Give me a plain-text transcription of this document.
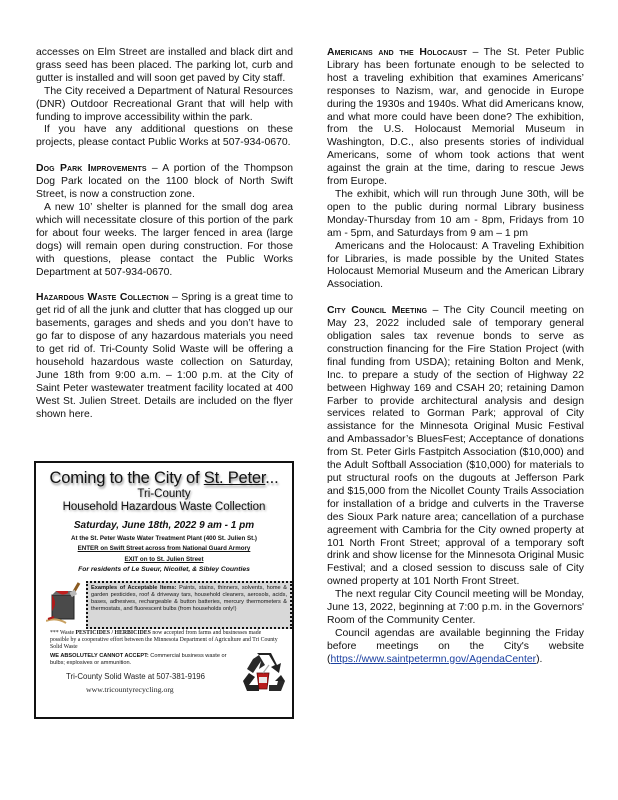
accesses on Elm Street are installed and black dirt and grass seed has been placed. The parking lot, curb and gutter is installed and will soon get paved by City staff.

The City received a Department of Natural Resources (DNR) Outdoor Recreational Grant that will help with funding to improve accessibility within the park.

If you have any additional questions on these projects, please contact Public Works at 507-934-0670.

Dog Park Improvements – A portion of the Thompson Dog Park located on the 1100 block of North Swift Street, is now a construction zone.

A new 10’ shelter is planned for the small dog area which will necessitate closure of this portion of the park for about four weeks. The larger fenced in area (large dogs) will remain open during construction. For those with questions, please contact the Public Works Department at 507-934-0670.

Hazardous Waste Collection – Spring is a great time to get rid of all the junk and clutter that has clogged up our basements, garages and sheds and you don’t have to go far to dispose of any hazardous materials you need to get rid of. Tri-County Solid Waste will be offering a household hazardous waste collection on Saturday, June 18th from 9:00 a.m. – 1:00 p.m. at the City of Saint Peter wastewater treatment facility located at 400 West St. Julien Street. Details are included on the flyer shown here.

Coming to the City of St. Peter...
Tri-County
Household Hazardous Waste Collection
Saturday, June 18th, 2022 9 am - 1 pm
At the St. Peter Waste Water Treatment Plant (400 St. Julien St.)
ENTER on Swift Street across from National Guard Armory
EXIT on to St. Julien Street
For residents of Le Sueur, Nicollet, & Sibley Counties
Examples of Acceptable Items: Paints, stains, thinners, solvents, home & garden pesticides, roof & driveway tars, household cleaners, aerosols, acids, bases, adhesives, rechargeable & button batteries, mercury thermometers & thermostats, and fluorescent bulbs (from households only!)
*** Waste PESTICIDES / HERBICIDES now accepted from farms and businesses made possible by a cooperative effort between the Minnesota Department of Agriculture and Tri County Solid Waste
WE ABSOLUTELY CANNOT ACCEPT: Commercial business waste or bulbs; explosives or ammunition.
Tri-County Solid Waste at 507-381-9196
www.tricountyrecycling.org

Americans and the Holocaust – The St. Peter Public Library has been fortunate enough to be selected to host a traveling exhibition that examines Americans’ responses to Nazism, war, and genocide in Europe during the 1930s and 1940s. What did Americans know, and what more could have been done? The exhibition, from the U.S. Holocaust Memorial Museum in Washington, D.C., also presents stories of individual Americans, some of whom took actions that went against the grain at the time, daring to rescue Jews from Europe.

The exhibit, which will run through June 30th, will be open to the public during normal Library business Monday-Thursday from 10 am - 8pm, Fridays from 10 am - 5pm, and Saturdays from 9 am – 1 pm

Americans and the Holocaust: A Traveling Exhibition for Libraries, is made possible by the United States Holocaust Memorial Museum and the American Library Association.

City Council Meeting – The City Council meeting on May 23, 2022 included sale of temporary general obligation sales tax revenue bonds to serve as construction financing for the Fire Station Project (with final funding from USDA); retaining Bolton and Menk, Inc. to prepare a study of the section of Highway 22 between Highway 169 and CSAH 20; retaining Damon Farber to provide architectural analysis and design services related to Gorman Park; approval of City assistance for the Minnesota Original Music Festival and Ambassador’s BluesFest; Acceptance of donations from St. Peter Girls Fastpitch Association ($10,000) and the Adult Softball Association ($10,000) for materials to put structural roofs on the dugouts at Jefferson Park and $15,000 from the Nicollet County Trails Association for installation of a bridge and culverts in the Traverse des Sioux Park nature area; cancellation of a purchase agreement with Cambria for the City owned property at 101 North Front Street; approval of a temporary soft drink and show license for the Minnesota Original Music Festival; and a closed session to discuss sale of City owned property at 101 North Front Street.

The next regular City Council meeting will be Monday, June 13, 2022, beginning at 7:00 p.m. in the Governors' Room of the Community Center.

Council agendas are available beginning the Friday before meetings on the City's website (https://www.saintpetermn.gov/AgendaCenter).
